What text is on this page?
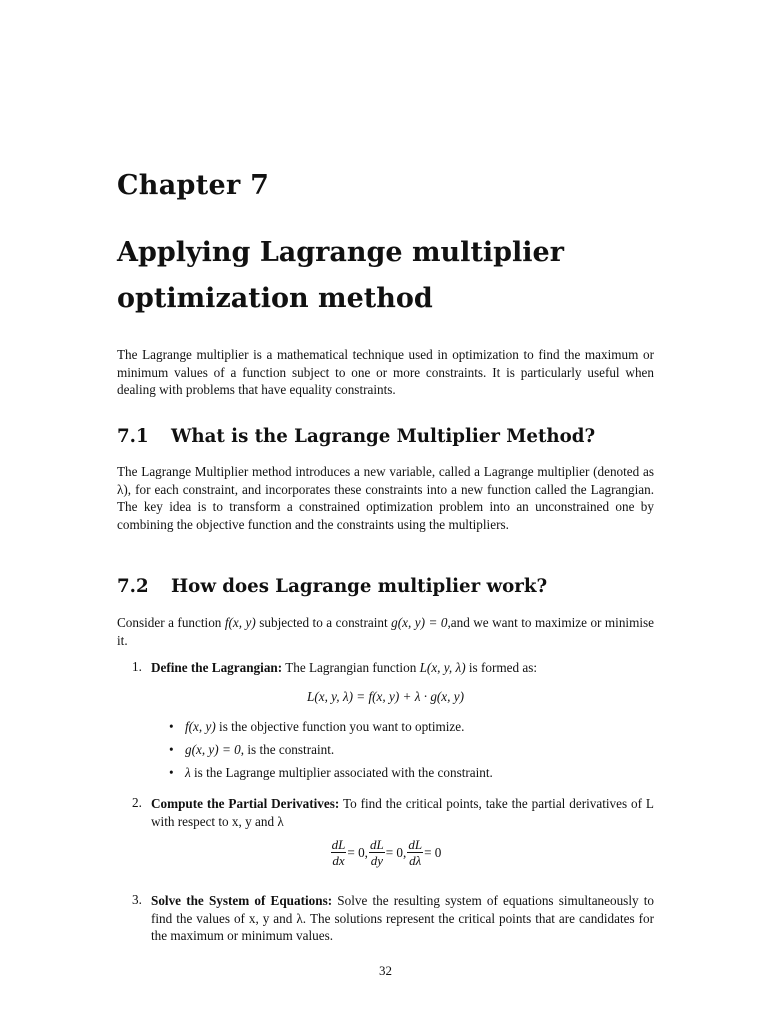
Chapter 7
Applying Lagrange multiplier optimization method

The Lagrange multiplier is a mathematical technique used in optimization to find the maximum or minimum values of a function subject to one or more constraints. It is particularly useful when dealing with problems that have equality constraints.

7.1 What is the Lagrange Multiplier Method?

The Lagrange Multiplier method introduces a new variable, called a Lagrange multiplier (denoted as λ), for each constraint, and incorporates these constraints into a new function called the Lagrangian. The key idea is to transform a constrained optimization problem into an unconstrained one by combining the objective function and the constraints using the multipliers.

7.2 How does Lagrange multiplier work?

Consider a function f(x, y) subjected to a constraint g(x, y) = 0,and we want to maximize or minimise it.

1. Define the Lagrangian: The Lagrangian function L(x, y, λ) is formed as:
L(x, y, λ) = f(x, y) + λ · g(x, y)
• f(x, y) is the objective function you want to optimize.
• g(x, y) = 0, is the constraint.
• λ is the Lagrange multiplier associated with the constraint.
2. Compute the Partial Derivatives: To find the critical points, take the partial derivatives of L with respect to x, y and λ
$\frac{dL}{dx} = 0$, $\frac{dL}{dy} = 0$, $\frac{dL}{d\lambda} = 0$
3. Solve the System of Equations: Solve the resulting system of equations simultaneously to find the values of x, y and λ. The solutions represent the critical points that are candidates for the maximum or minimum values.
32
